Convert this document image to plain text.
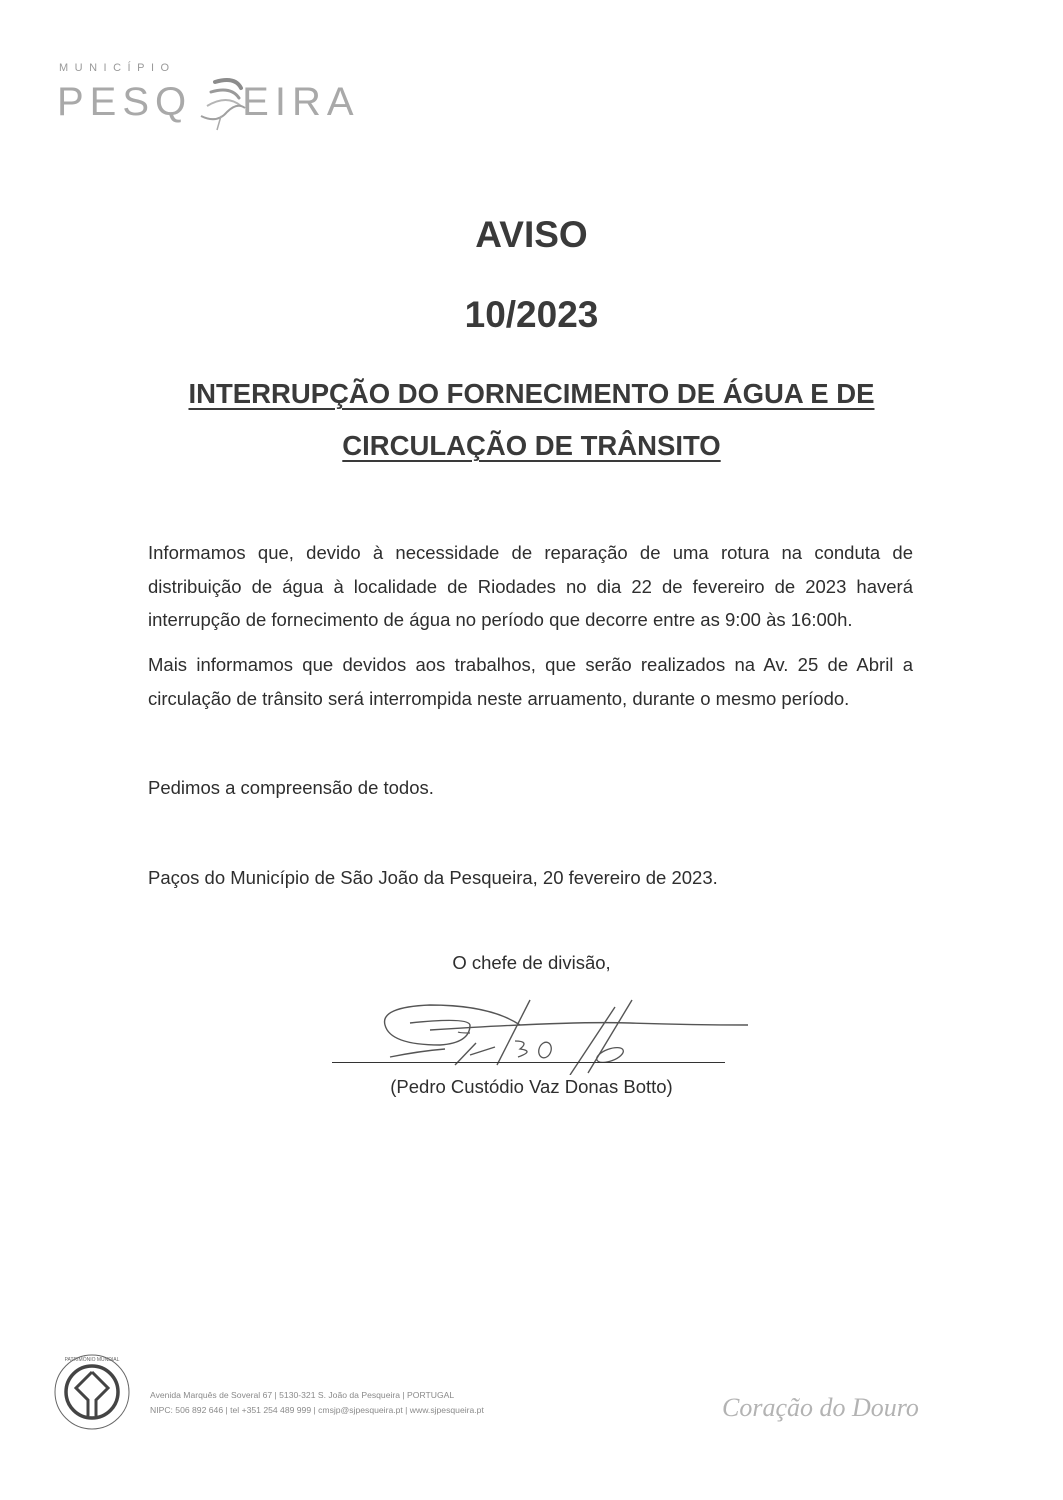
MUNICÍPIO
PESQ EIRA
AVISO
10/2023
INTERRUPÇÃO DO FORNECIMENTO DE ÁGUA E DE
CIRCULAÇÃO DE TRÂNSITO
Informamos que, devido à necessidade de reparação de uma rotura na conduta de distribuição de água à localidade de Riodades no dia 22 de fevereiro de 2023 haverá interrupção de fornecimento de água no período que decorre entre as 9:00 às 16:00h.
Mais informamos que devidos aos trabalhos, que serão realizados na Av. 25 de Abril a circulação de trânsito será interrompida neste arruamento, durante o mesmo período.
Pedimos a compreensão de todos.
Paços do Município de São João da Pesqueira, 20 fevereiro de 2023.
O chefe de divisão,
(Pedro Custódio Vaz Donas Botto)
PATRIMÓNIO MUNDIAL
Avenida Marquês de Soveral 67 | 5130-321 S. João da Pesqueira | PORTUGAL
NIPC: 506 892 646 | tel +351 254 489 999 | cmsjp@sjpesqueira.pt | www.sjpesqueira.pt	Coração do Douro
